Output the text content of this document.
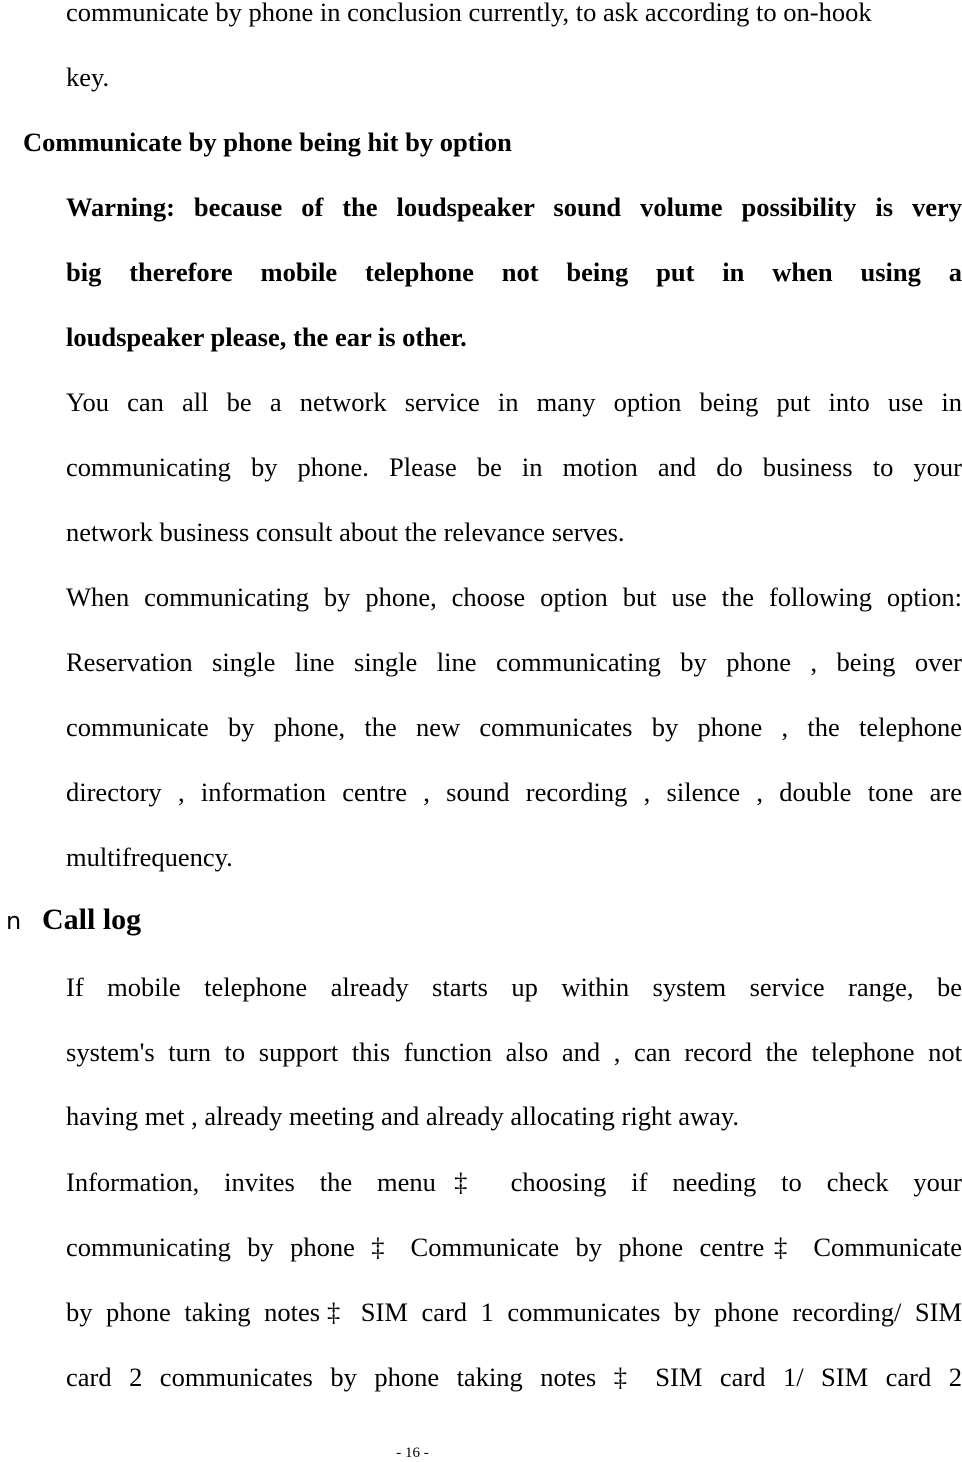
communicate by phone in conclusion currently, to ask according to on-hook
key.
Communicate by phone being hit by option
Warning: because of the loudspeaker sound volume possibility is very
big therefore mobile telephone not being put in when using a
loudspeaker please, the ear is other.
You can all be a network service in many option being put into use in
communicating by phone. Please be in motion and do business to your
network business consult about the relevance serves.
When communicating by phone, choose option but use the following option:
Reservation single line single line communicating by phone , being over
communicate by phone, the new communicates by phone , the telephone
directory , information centre , sound recording , silence , double tone are
multifrequency.
n Call log
If mobile telephone already starts up within system service range, be
system's turn to support this function also and , can record the telephone not
having met , already meeting and already allocating right away.
Information, invites the menu‡ choosing if needing to check your
communicating by phone ‡ Communicate by phone centre‡ Communicate
by phone taking notes‡ SIM card 1 communicates by phone recording/ SIM
card 2 communicates by phone taking notes ‡ SIM card 1/ SIM card 2
- 16 -
